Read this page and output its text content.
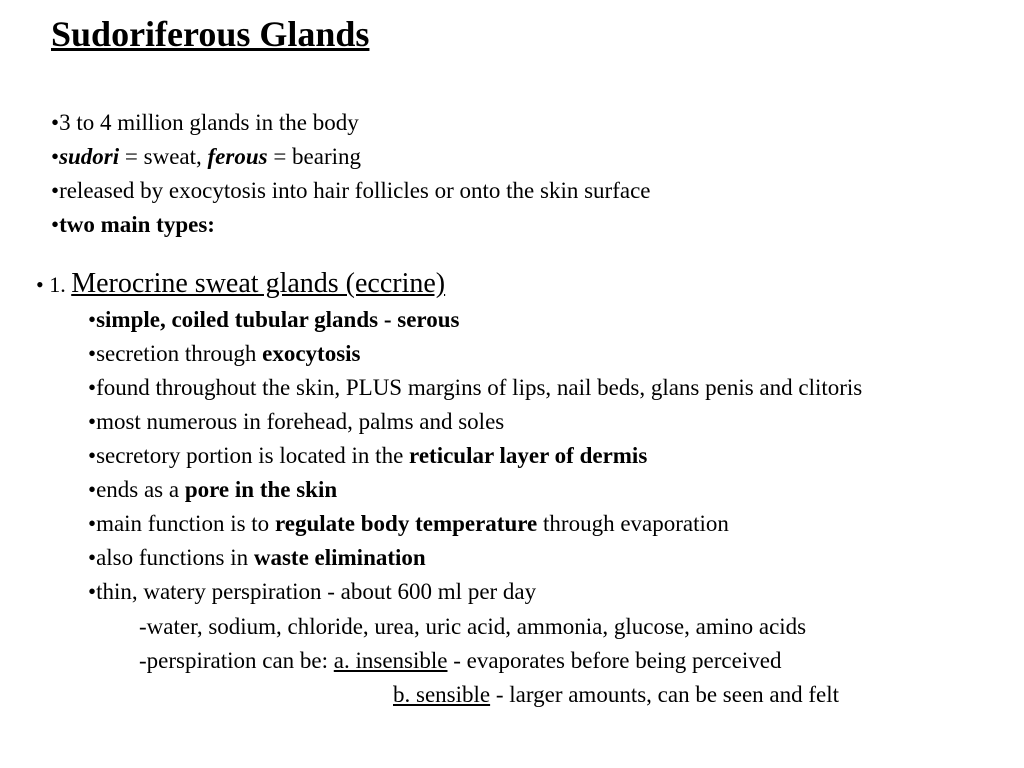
Sudoriferous Glands
•3 to 4 million glands in the body
•sudori = sweat, ferous = bearing
•released by exocytosis into hair follicles or onto the skin surface
•two main types:
• 1. Merocrine sweat glands (eccrine)
•simple, coiled tubular glands - serous
•secretion through exocytosis
•found throughout the skin, PLUS margins of lips, nail beds, glans penis and clitoris
•most numerous in forehead, palms and soles
•secretory portion is located in the reticular layer of dermis
•ends as a pore in the skin
•main function is to regulate body temperature through evaporation
•also functions in waste elimination
•thin, watery perspiration - about 600 ml per day
-water, sodium, chloride, urea, uric acid, ammonia, glucose, amino acids
-perspiration can be: a. insensible - evaporates before being perceived
b. sensible - larger amounts, can be seen and felt
